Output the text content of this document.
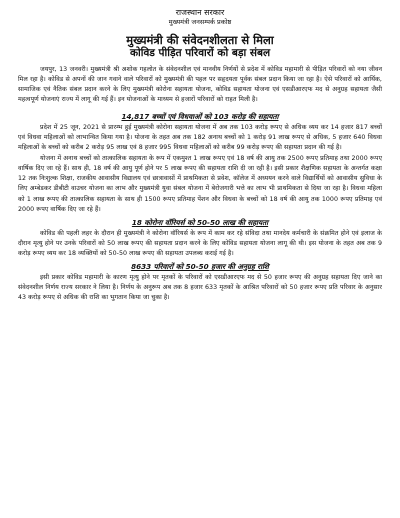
राजस्थान सरकार
मुख्यमंत्री जनसम्पर्क प्रकोष्ठ
मुख्यमंत्री की संवेदनशीलता से मिला
कोविड पीड़ित परिवारों को बड़ा संबल

जयपुर, 13 जनवरी। मुख्यमंत्री श्री अशोक गहलोत के संवेदनशील एवं मानवीय निर्णयों से प्रदेश में कोविड महामारी से पीड़ित परिवारों को नया जीवन मिल रहा है। कोविड से अपनों की जान गवाने वाले परिवारों को मुख्यमंत्री की पहल पर सहृदयता पूर्वक संबल प्रदान किया जा रहा है। ऐसे परिवारों को आर्थिक, सामाजिक एवं नैतिक संबल प्रदान करने के लिए मुख्यमंत्री कोरोना सहायता योजना, कोविड सहायता योजना एवं एसडीआरएफ मद से अनुग्रह सहायता जैसी महत्वपूर्ण योजनाएं राज्य में लागू की गई हैं। इन योजनाओं के माध्यम से हजारों परिवारों को राहत मिली है।

14,817 बच्चों एवं विधवाओं को 103 करोड़ की सहायता

प्रदेश में 25 जून, 2021 से प्रारम्भ हुई मुख्यमंत्री कोरोना सहायता योजना में अब तक 103 करोड़ रूपए से अधिक व्यय कर 14 हजार 817 बच्चों एवं विधवा महिलाओं को लाभान्वित किया गया है। योजना के तहत अब तक 182 अनाथ बच्चों को 1 करोड़ 91 लाख रूपए से अधिक, 5 हजार 640 विधवा महिलाओं के बच्चों को करीब 2 करोड़ 95 लाख एवं 8 हजार 995 विधवा महिलाओं को करीब 99 करोड़ रूपए की सहायता प्रदान की गई है।

योजना में अनाथ बच्चों को तात्कालिक सहायता के रूप में एकमुश्त 1 लाख रूपए एवं 18 वर्ष की आयु तक 2500 रूपए प्रतिमाह तथा 2000 रूपए वार्षिक दिए जा रहे हैं। साथ ही, 18 वर्ष की आयु पूर्ण होने पर 5 लाख रूपए की सहायता राशि दी जा रही है। इसी प्रकार शैक्षणिक सहायता के अन्तर्गत कक्षा 12 तक निःशुल्क शिक्षा, राजकीय आवासीय विद्यालय एवं छात्रावासों में प्राथमिकता से प्रवेश, कॉलेज में अध्ययन करने वाले विद्यार्थियों को आवासीय सुविधा के लिए अम्बेडकर डीबीटी वाउचर योजना का लाभ और मुख्यमंत्री युवा संबल योजना में बेरोजगारी भत्ते का लाभ भी प्राथमिकता से दिया जा रहा है। विधवा महिला को 1 लाख रूपए की तात्कालिक सहायता के साथ ही 1500 रूपए प्रतिमाह पेंशन और विधवा के बच्चों को 18 वर्ष की आयु तक 1000 रूपए प्रतिमाह एवं 2000 रूपए वार्षिक दिए जा रहे हैं।

18 कोरोना वॉरियर्स को 50-50 लाख की सहायता

कोविड की पहली लहर के दौरान ही मुख्यमंत्री ने कोरोना वॉरियर्स के रूप में काम कर रहे संविदा तथा मानदेय कर्मचारी के संक्रमित होने एवं इलाज के दौरान मृत्यु होने पर उनके परिवारों को 50 लाख रूपए की सहायता प्रदान करने के लिए कोविड सहायता योजना लागू की थी। इस योजना के तहत अब तक 9 करोड़ रूपए व्यय कर 18 व्यक्तियों को 50-50 लाख रूपए की सहायता उपलब्ध कराई गई है।

8633 परिवारों को 50-50 हजार की अनुग्रह राशि

इसी प्रकार कोविड महामारी के कारण मृत्यु होने पर मृतकों के परिवारों को एसडीआरएफ मद से 50 हजार रूपए की अनुग्रह सहायता दिए जाने का संवेदनशील निर्णय राज्य सरकार ने लिया है। निर्णय के अनुरूप अब तक 8 हजार 633 मृतकों के आश्रित परिवारों को 50 हजार रूपए प्रति परिवार के अनुसार 43 करोड़ रूपए से अधिक की राशि का भुगतान किया जा चुका है।
